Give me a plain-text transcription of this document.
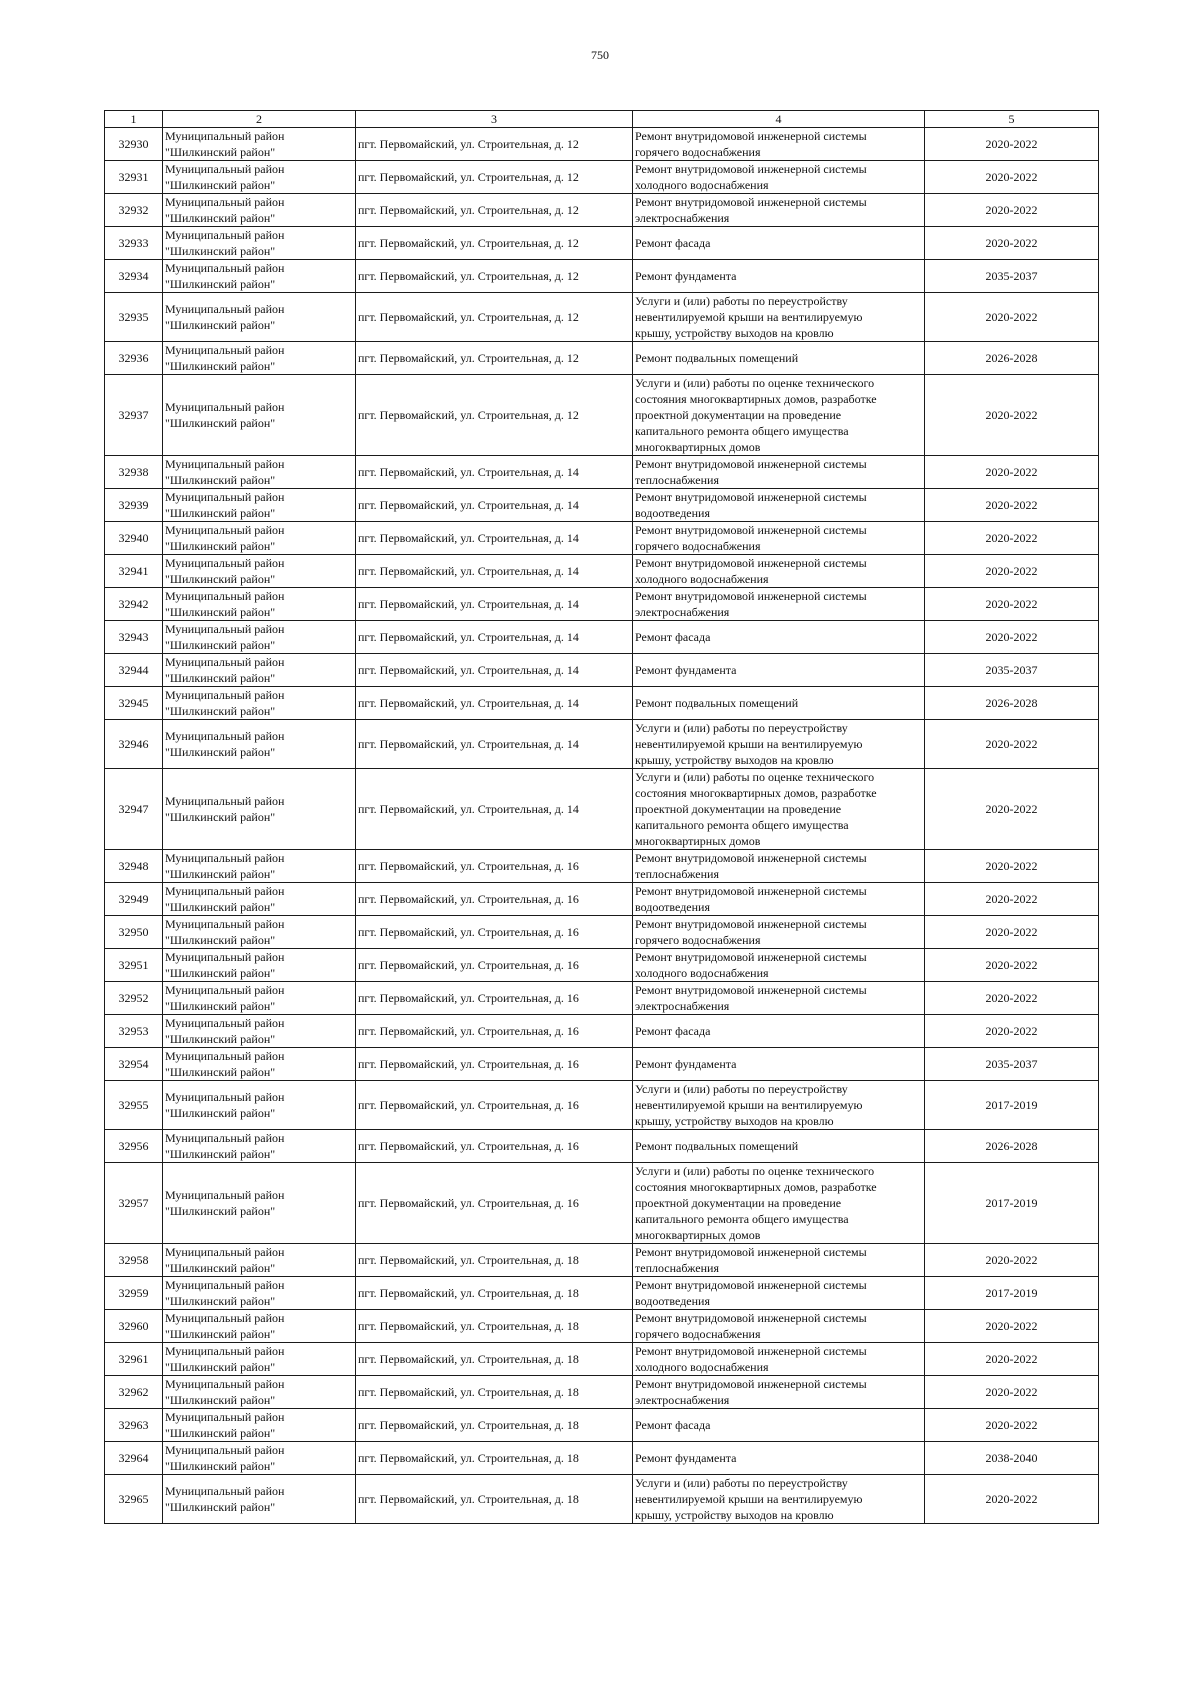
750
1	2	3	4	5
32930	Муниципальный район
"Шилкинский район"	пгт. Первомайский, ул. Строительная, д. 12	Ремонт внутридомовой инженерной системы
горячего водоснабжения	2020-2022
32931	Муниципальный район
"Шилкинский район"	пгт. Первомайский, ул. Строительная, д. 12	Ремонт внутридомовой инженерной системы
холодного водоснабжения	2020-2022
32932	Муниципальный район
"Шилкинский район"	пгт. Первомайский, ул. Строительная, д. 12	Ремонт внутридомовой инженерной системы
электроснабжения	2020-2022
32933	Муниципальный район
"Шилкинский район"	пгт. Первомайский, ул. Строительная, д. 12	Ремонт фасада	2020-2022
32934	Муниципальный район
"Шилкинский район"	пгт. Первомайский, ул. Строительная, д. 12	Ремонт фундамента	2035-2037
32935	Муниципальный район
"Шилкинский район"	пгт. Первомайский, ул. Строительная, д. 12	Услуги и (или) работы по переустройству
невентилируемой крыши на вентилируемую
крышу, устройству выходов на кровлю	2020-2022
32936	Муниципальный район
"Шилкинский район"	пгт. Первомайский, ул. Строительная, д. 12	Ремонт подвальных помещений	2026-2028
32937	Муниципальный район
"Шилкинский район"	пгт. Первомайский, ул. Строительная, д. 12	Услуги и (или) работы по оценке технического
состояния многоквартирных домов, разработке
проектной документации на проведение
капитального ремонта общего имущества
многоквартирных домов	2020-2022
32938	Муниципальный район
"Шилкинский район"	пгт. Первомайский, ул. Строительная, д. 14	Ремонт внутридомовой инженерной системы
теплоснабжения	2020-2022
32939	Муниципальный район
"Шилкинский район"	пгт. Первомайский, ул. Строительная, д. 14	Ремонт внутридомовой инженерной системы
водоотведения	2020-2022
32940	Муниципальный район
"Шилкинский район"	пгт. Первомайский, ул. Строительная, д. 14	Ремонт внутридомовой инженерной системы
горячего водоснабжения	2020-2022
32941	Муниципальный район
"Шилкинский район"	пгт. Первомайский, ул. Строительная, д. 14	Ремонт внутридомовой инженерной системы
холодного водоснабжения	2020-2022
32942	Муниципальный район
"Шилкинский район"	пгт. Первомайский, ул. Строительная, д. 14	Ремонт внутридомовой инженерной системы
электроснабжения	2020-2022
32943	Муниципальный район
"Шилкинский район"	пгт. Первомайский, ул. Строительная, д. 14	Ремонт фасада	2020-2022
32944	Муниципальный район
"Шилкинский район"	пгт. Первомайский, ул. Строительная, д. 14	Ремонт фундамента	2035-2037
32945	Муниципальный район
"Шилкинский район"	пгт. Первомайский, ул. Строительная, д. 14	Ремонт подвальных помещений	2026-2028
32946	Муниципальный район
"Шилкинский район"	пгт. Первомайский, ул. Строительная, д. 14	Услуги и (или) работы по переустройству
невентилируемой крыши на вентилируемую
крышу, устройству выходов на кровлю	2020-2022
32947	Муниципальный район
"Шилкинский район"	пгт. Первомайский, ул. Строительная, д. 14	Услуги и (или) работы по оценке технического
состояния многоквартирных домов, разработке
проектной документации на проведение
капитального ремонта общего имущества
многоквартирных домов	2020-2022
32948	Муниципальный район
"Шилкинский район"	пгт. Первомайский, ул. Строительная, д. 16	Ремонт внутридомовой инженерной системы
теплоснабжения	2020-2022
32949	Муниципальный район
"Шилкинский район"	пгт. Первомайский, ул. Строительная, д. 16	Ремонт внутридомовой инженерной системы
водоотведения	2020-2022
32950	Муниципальный район
"Шилкинский район"	пгт. Первомайский, ул. Строительная, д. 16	Ремонт внутридомовой инженерной системы
горячего водоснабжения	2020-2022
32951	Муниципальный район
"Шилкинский район"	пгт. Первомайский, ул. Строительная, д. 16	Ремонт внутридомовой инженерной системы
холодного водоснабжения	2020-2022
32952	Муниципальный район
"Шилкинский район"	пгт. Первомайский, ул. Строительная, д. 16	Ремонт внутридомовой инженерной системы
электроснабжения	2020-2022
32953	Муниципальный район
"Шилкинский район"	пгт. Первомайский, ул. Строительная, д. 16	Ремонт фасада	2020-2022
32954	Муниципальный район
"Шилкинский район"	пгт. Первомайский, ул. Строительная, д. 16	Ремонт фундамента	2035-2037
32955	Муниципальный район
"Шилкинский район"	пгт. Первомайский, ул. Строительная, д. 16	Услуги и (или) работы по переустройству
невентилируемой крыши на вентилируемую
крышу, устройству выходов на кровлю	2017-2019
32956	Муниципальный район
"Шилкинский район"	пгт. Первомайский, ул. Строительная, д. 16	Ремонт подвальных помещений	2026-2028
32957	Муниципальный район
"Шилкинский район"	пгт. Первомайский, ул. Строительная, д. 16	Услуги и (или) работы по оценке технического
состояния многоквартирных домов, разработке
проектной документации на проведение
капитального ремонта общего имущества
многоквартирных домов	2017-2019
32958	Муниципальный район
"Шилкинский район"	пгт. Первомайский, ул. Строительная, д. 18	Ремонт внутридомовой инженерной системы
теплоснабжения	2020-2022
32959	Муниципальный район
"Шилкинский район"	пгт. Первомайский, ул. Строительная, д. 18	Ремонт внутридомовой инженерной системы
водоотведения	2017-2019
32960	Муниципальный район
"Шилкинский район"	пгт. Первомайский, ул. Строительная, д. 18	Ремонт внутридомовой инженерной системы
горячего водоснабжения	2020-2022
32961	Муниципальный район
"Шилкинский район"	пгт. Первомайский, ул. Строительная, д. 18	Ремонт внутридомовой инженерной системы
холодного водоснабжения	2020-2022
32962	Муниципальный район
"Шилкинский район"	пгт. Первомайский, ул. Строительная, д. 18	Ремонт внутридомовой инженерной системы
электроснабжения	2020-2022
32963	Муниципальный район
"Шилкинский район"	пгт. Первомайский, ул. Строительная, д. 18	Ремонт фасада	2020-2022
32964	Муниципальный район
"Шилкинский район"	пгт. Первомайский, ул. Строительная, д. 18	Ремонт фундамента	2038-2040
32965	Муниципальный район
"Шилкинский район"	пгт. Первомайский, ул. Строительная, д. 18	Услуги и (или) работы по переустройству
невентилируемой крыши на вентилируемую
крышу, устройству выходов на кровлю	2020-2022
